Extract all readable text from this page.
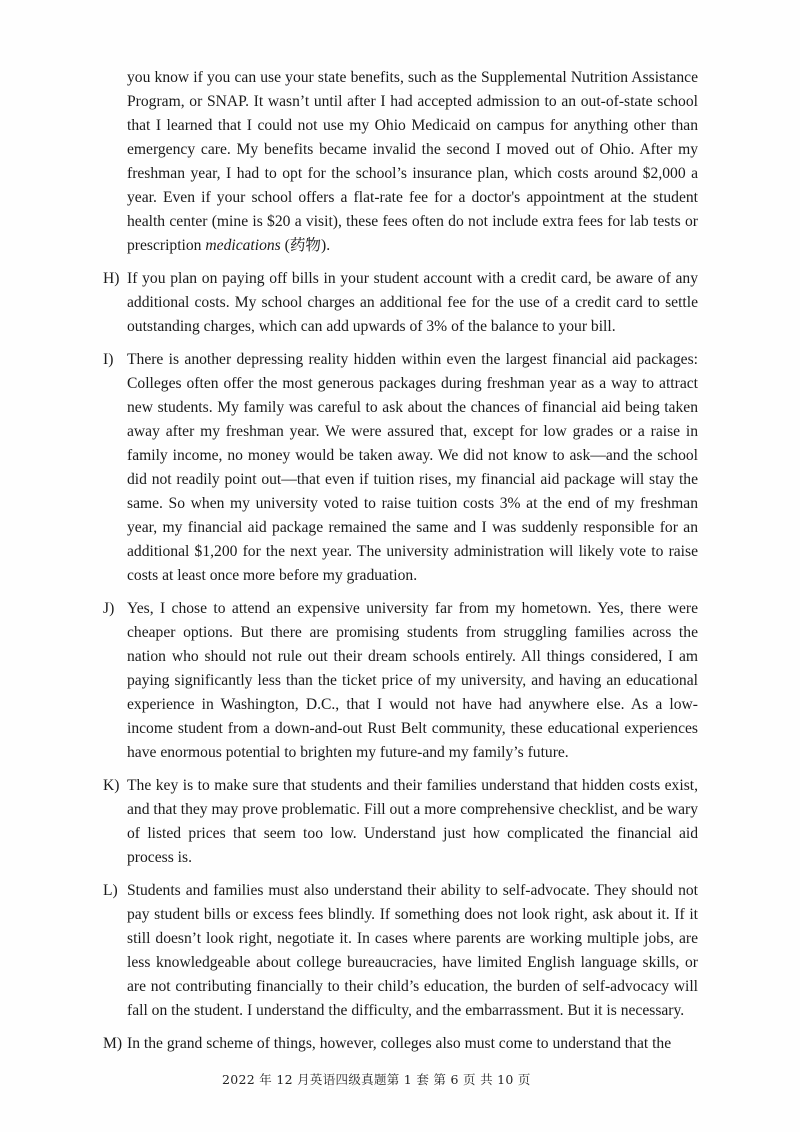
you know if you can use your state benefits, such as the Supplemental Nutrition Assistance Program, or SNAP. It wasn’t until after I had accepted admission to an out-of-state school that I learned that I could not use my Ohio Medicaid on campus for anything other than emergency care. My benefits became invalid the second I moved out of Ohio. After my freshman year, I had to opt for the school’s insurance plan, which costs around $2,000 a year. Even if your school offers a flat-rate fee for a doctor's appointment at the student health center (mine is $20 a visit), these fees often do not include extra fees for lab tests or prescription medications (药物).

H) If you plan on paying off bills in your student account with a credit card, be aware of any additional costs. My school charges an additional fee for the use of a credit card to settle outstanding charges, which can add upwards of 3% of the balance to your bill.

I) There is another depressing reality hidden within even the largest financial aid packages: Colleges often offer the most generous packages during freshman year as a way to attract new students. My family was careful to ask about the chances of financial aid being taken away after my freshman year. We were assured that, except for low grades or a raise in family income, no money would be taken away. We did not know to ask—and the school did not readily point out—that even if tuition rises, my financial aid package will stay the same. So when my university voted to raise tuition costs 3% at the end of my freshman year, my financial aid package remained the same and I was suddenly responsible for an additional $1,200 for the next year. The university administration will likely vote to raise costs at least once more before my graduation.

J) Yes, I chose to attend an expensive university far from my hometown. Yes, there were cheaper options. But there are promising students from struggling families across the nation who should not rule out their dream schools entirely. All things considered, I am paying significantly less than the ticket price of my university, and having an educational experience in Washington, D.C., that I would not have had anywhere else. As a low-income student from a down-and-out Rust Belt community, these educational experiences have enormous potential to brighten my future-and my family’s future.

K) The key is to make sure that students and their families understand that hidden costs exist, and that they may prove problematic. Fill out a more comprehensive checklist, and be wary of listed prices that seem too low. Understand just how complicated the financial aid process is.

L) Students and families must also understand their ability to self-advocate. They should not pay student bills or excess fees blindly. If something does not look right, ask about it. If it still doesn’t look right, negotiate it. In cases where parents are working multiple jobs, are less knowledgeable about college bureaucracies, have limited English language skills, or are not contributing financially to their child’s education, the burden of self-advocacy will fall on the student. I understand the difficulty, and the embarrassment. But it is necessary.

M) In the grand scheme of things, however, colleges also must come to understand that the

2022 年 12 月英语四级真题第 1 套 第 6 页 共 10 页
